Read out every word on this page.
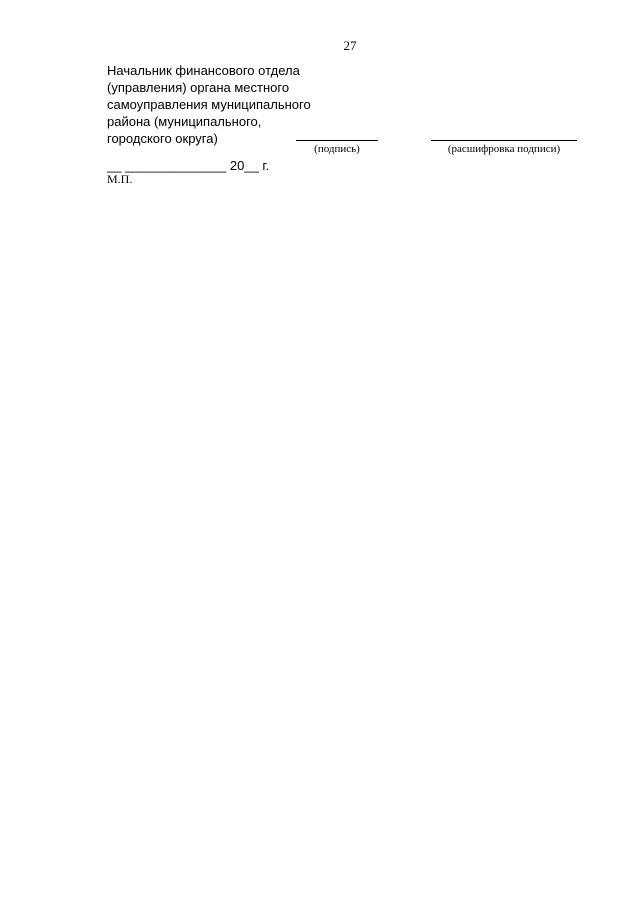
27
Начальник финансового отдела
(управления) органа местного
самоуправления муниципального
района (муниципального,
городского округа)
(подпись)	(расшифровка подписи)
__ ______________ 20__ г.
М.П.
